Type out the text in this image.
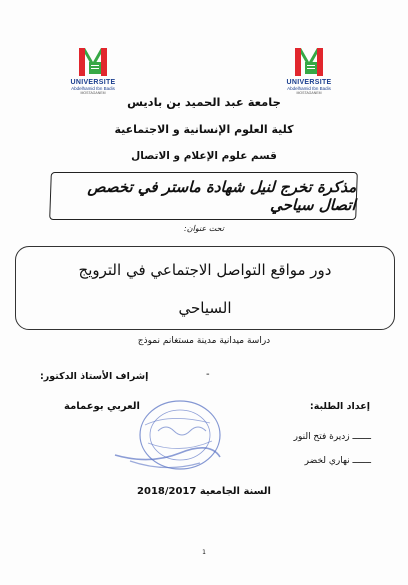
UNIVERSITE
Abdelhamid Ibn Badis
MOSTAGANEM
UNIVERSITE
Abdelhamid Ibn Badis
MOSTAGANEM
جامعة عبد الحميد بن باديس
كلية العلوم الإنسانية و الاجتماعية
قسم علوم الإعلام و الاتصال
مذكرة تخرج لنيل شهادة ماستر في تخصص اتصال سياحي
تحت عنوان:
دور مواقع التواصل الاجتماعي في الترويج
السياحي
دراسة ميدانية مدينة مستغانم نموذج
إشراف الأستاذ الدكتور:	-
العربي بوعمامة	إعداد الطلبة:
ـــــــ زديرة فتح النور
ـــــــ نهاري لخضر
السنة الجامعية 2018/2017
1
